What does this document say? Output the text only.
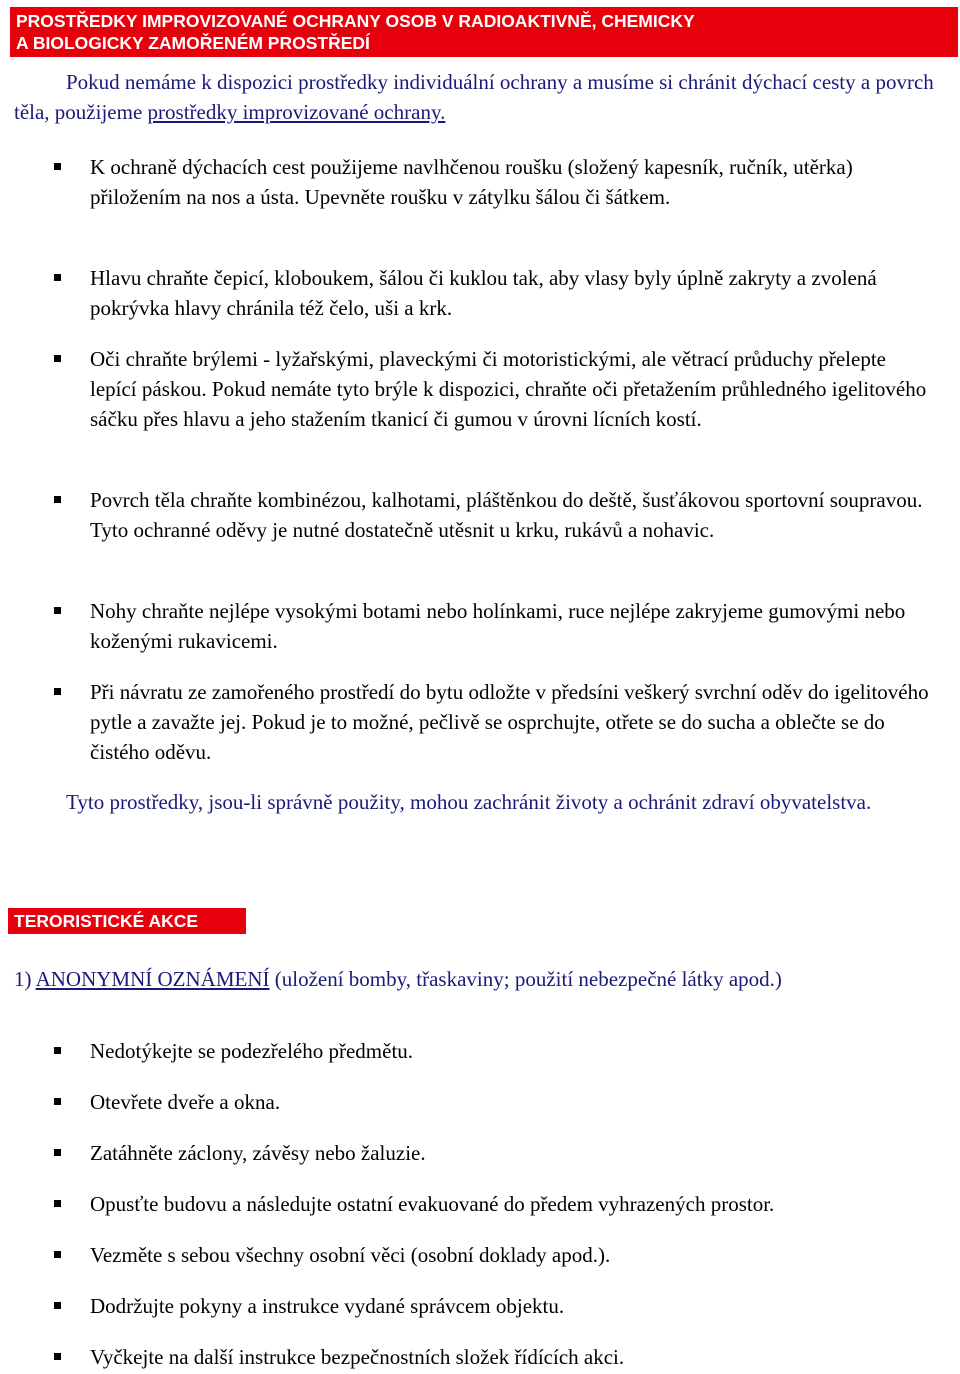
PROSTŘEDKY IMPROVIZOVANÉ OCHRANY OSOB V RADIOAKTIVNĚ, CHEMICKY
A BIOLOGICKY ZAMOŘENÉM PROSTŘEDÍ
Pokud nemáme k dispozici prostředky individuální ochrany a musíme si chránit dýchací cesty a povrch těla, použijeme prostředky improvizované ochrany.
K ochraně dýchacích cest použijeme navlhčenou roušku (složený kapesník, ručník, utěrka) přiložením na nos a ústa. Upevněte roušku v zátylku šálou či šátkem.
Hlavu chraňte čepicí, kloboukem, šálou či kuklou tak, aby vlasy byly úplně zakryty a zvolená pokrývka hlavy chránila též čelo, uši a krk.
Oči chraňte brýlemi - lyžařskými, plaveckými či motoristickými, ale větrací průduchy přelepte lepící páskou. Pokud nemáte tyto brýle k dispozici, chraňte oči přetažením průhledného igelitového sáčku přes hlavu a jeho stažením tkanicí či gumou v úrovni lícních kostí.
Povrch těla chraňte kombinézou, kalhotami, pláštěnkou do deště, šusťákovou sportovní soupravou. Tyto ochranné oděvy je nutné dostatečně utěsnit u krku, rukávů a nohavic.
Nohy chraňte nejlépe vysokými botami nebo holínkami, ruce nejlépe zakryjeme gumovými nebo koženými rukavicemi.
Při návratu ze zamořeného prostředí do bytu odložte v předsíni veškerý svrchní oděv do igelitového pytle a zavažte jej. Pokud je to možné, pečlivě se osprchujte, otřete se do sucha a oblečte se do čistého oděvu.
Tyto prostředky, jsou-li správně použity, mohou zachránit životy a ochránit zdraví obyvatelstva.
TERORISTICKÉ AKCE
1) ANONYMNÍ OZNÁMENÍ (uložení bomby, třaskaviny; použití nebezpečné látky apod.)
Nedotýkejte se podezřelého předmětu.
Otevřete dveře a okna.
Zatáhněte záclony, závěsy nebo žaluzie.
Opusťte budovu a následujte ostatní evakuované do předem vyhrazených prostor.
Vezměte s sebou všechny osobní věci (osobní doklady apod.).
Dodržujte pokyny a instrukce vydané správcem objektu.
Vyčkejte na další instrukce bezpečnostních složek řídících akci.
